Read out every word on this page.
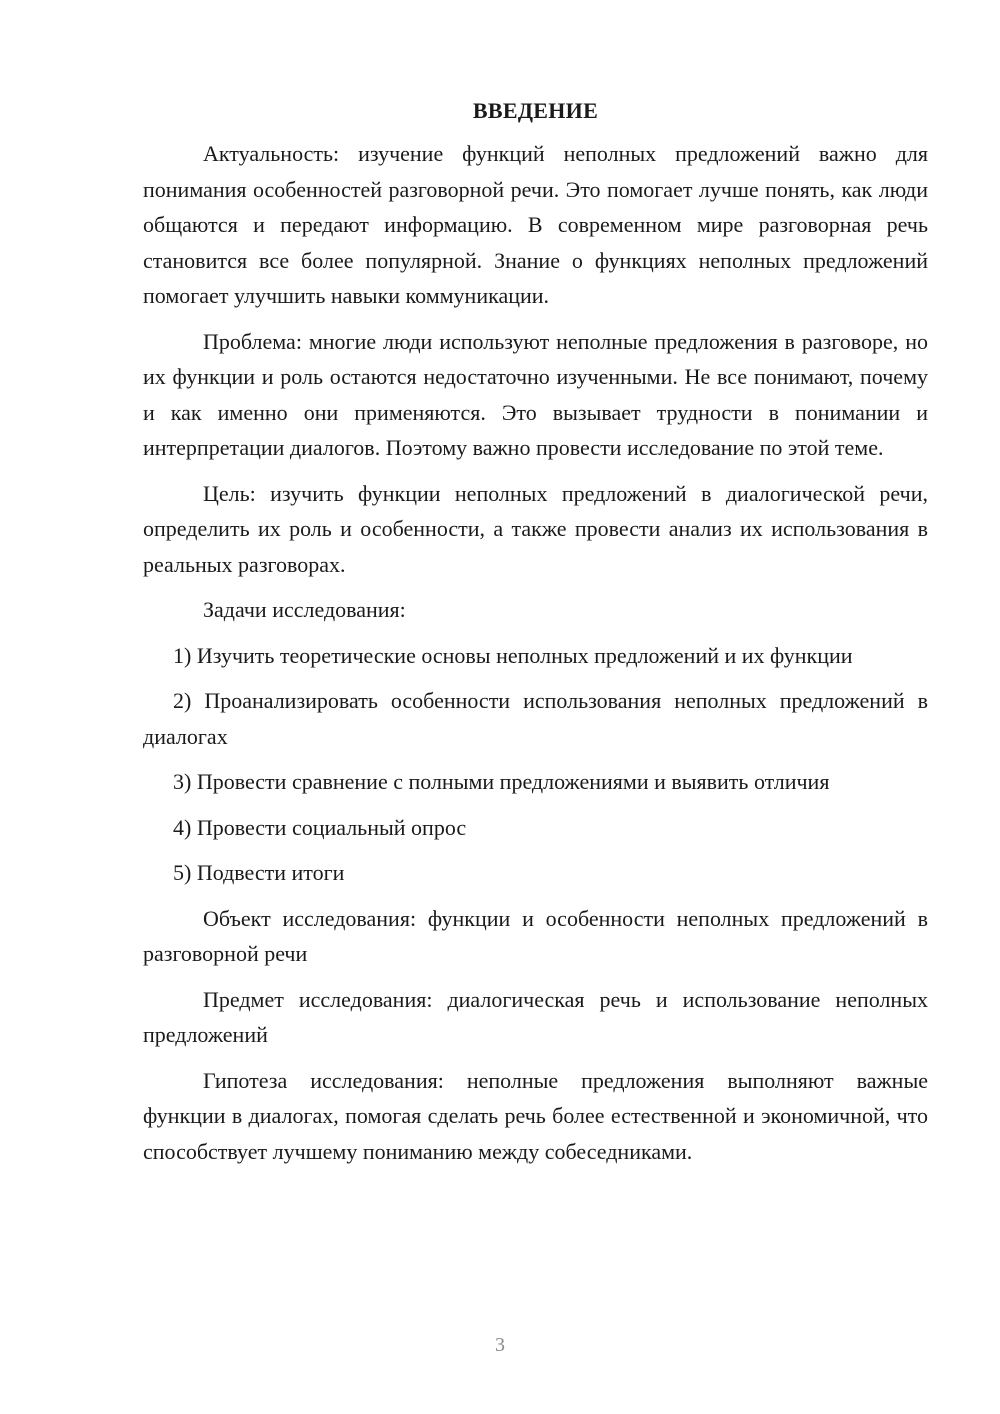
ВВЕДЕНИЕ

Актуальность: изучение функций неполных предложений важно для понимания особенностей разговорной речи. Это помогает лучше понять, как люди общаются и передают информацию. В современном мире разговорная речь становится все более популярной. Знание о функциях неполных предложений помогает улучшить навыки коммуникации.

Проблема: многие люди используют неполные предложения в разговоре, но их функции и роль остаются недостаточно изученными. Не все понимают, почему и как именно они применяются. Это вызывает трудности в понимании и интерпретации диалогов. Поэтому важно провести исследование по этой теме.

Цель: изучить функции неполных предложений в диалогической речи, определить их роль и особенности, а также провести анализ их использования в реальных разговорах.

Задачи исследования:

1) Изучить теоретические основы неполных предложений и их функции

2) Проанализировать особенности использования неполных предложений в диалогах

3) Провести сравнение с полными предложениями и выявить отличия

4) Провести социальный опрос

5) Подвести итоги

Объект исследования: функции и особенности неполных предложений в разговорной речи

Предмет исследования: диалогическая речь и использование неполных предложений

Гипотеза исследования: неполные предложения выполняют важные функции в диалогах, помогая сделать речь более естественной и экономичной, что способствует лучшему пониманию между собеседниками.

3
